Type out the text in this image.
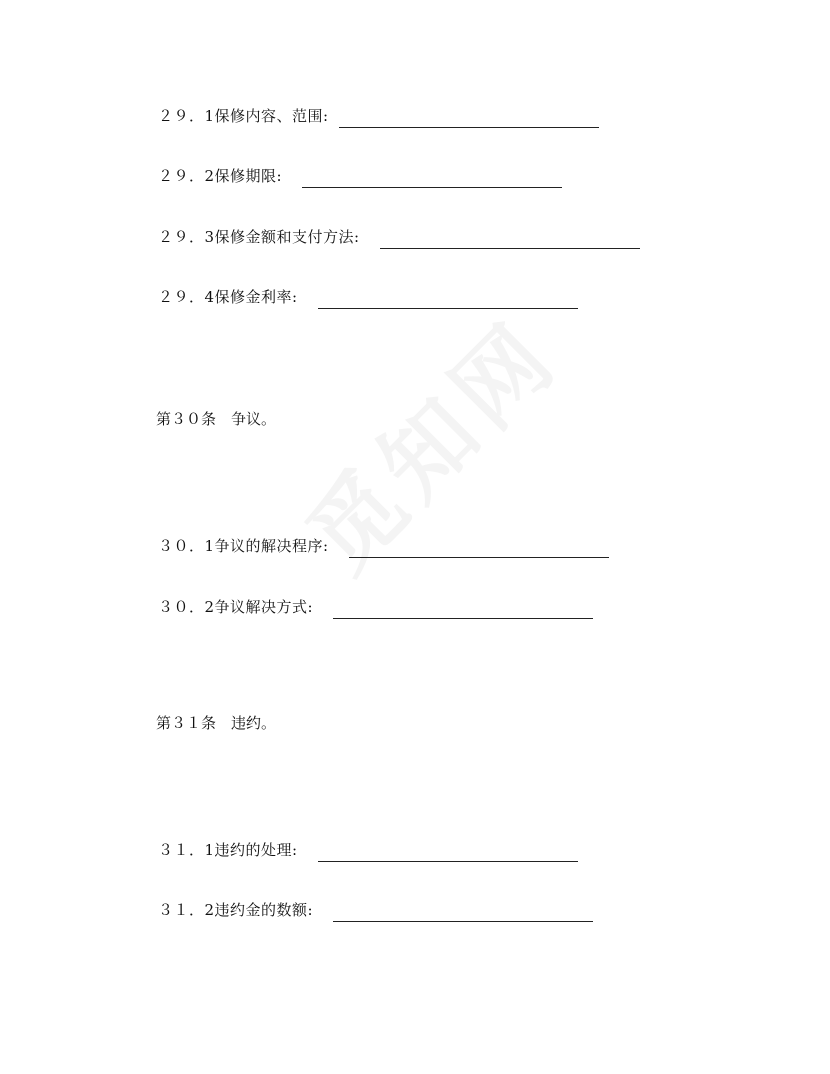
２９．1保修内容、范围:
２９．2保修期限:
２９．3保修金额和支付方法:
２９．4保修金利率:
第３０条　争议。
３０．1争议的解决程序:
３０．2争议解决方式:
第３１条　违约。
３１．1违约的处理:
３１．2违约金的数额:
